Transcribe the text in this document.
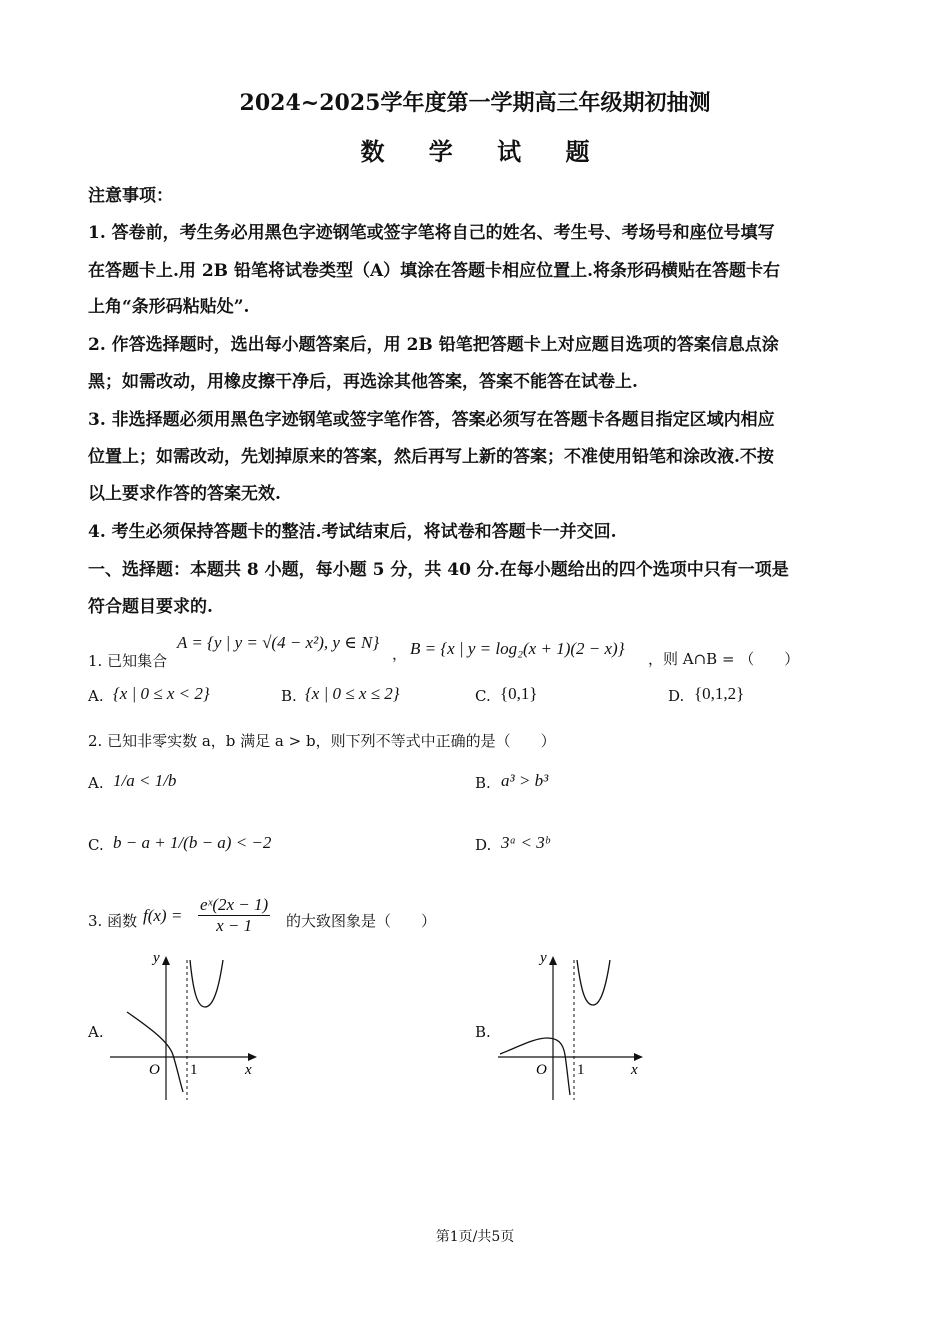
2024~2025学年度第一学期高三年级期初抽测
数 学 试 题
注意事项：
1. 答卷前，考生务必用黑色字迹钢笔或签字笔将自己的姓名、考生号、考场号和座位号填写
在答题卡上.用 2B 铅笔将试卷类型（A）填涂在答题卡相应位置上.将条形码横贴在答题卡右
上角“条形码粘贴处”.
2. 作答选择题时，选出每小题答案后，用 2B 铅笔把答题卡上对应题目选项的答案信息点涂
黑；如需改动，用橡皮擦干净后，再选涂其他答案，答案不能答在试卷上.
3. 非选择题必须用黑色字迹钢笔或签字笔作答，答案必须写在答题卡各题目指定区域内相应
位置上；如需改动，先划掉原来的答案，然后再写上新的答案；不准使用铅笔和涂改液.不按
以上要求作答的答案无效.
4. 考生必须保持答题卡的整洁.考试结束后，将试卷和答题卡一并交回.
一、选择题：本题共 8 小题，每小题 5 分，共 40 分.在每小题给出的四个选项中只有一项是
符合题目要求的.
1. 已知集合
A = {y | y = √(4 − x²), y ∈ N}
， B = {x | y = log₂(x + 1)(2 − x)}
，则 A∩B = （　　）
A. {x | 0 ≤ x < 2}	B. {x | 0 ≤ x ≤ 2}	C. {0,1}	D. {0,1,2}
2. 已知非零实数 a，b 满足 a > b，则下列不等式中正确的是（　　）
A. 1/a < 1/b	B. a³ > b³
C. b − a + 1/(b − a) < −2	D. 3ᵃ < 3ᵇ
3. 函数 $f(x) = \frac{\text{eˣ(2x − 1)}}{x - 1}$ 的大致图象是（　　）
A.
y
x
O 1
B.
y
x
O 1
第1页/共5页
